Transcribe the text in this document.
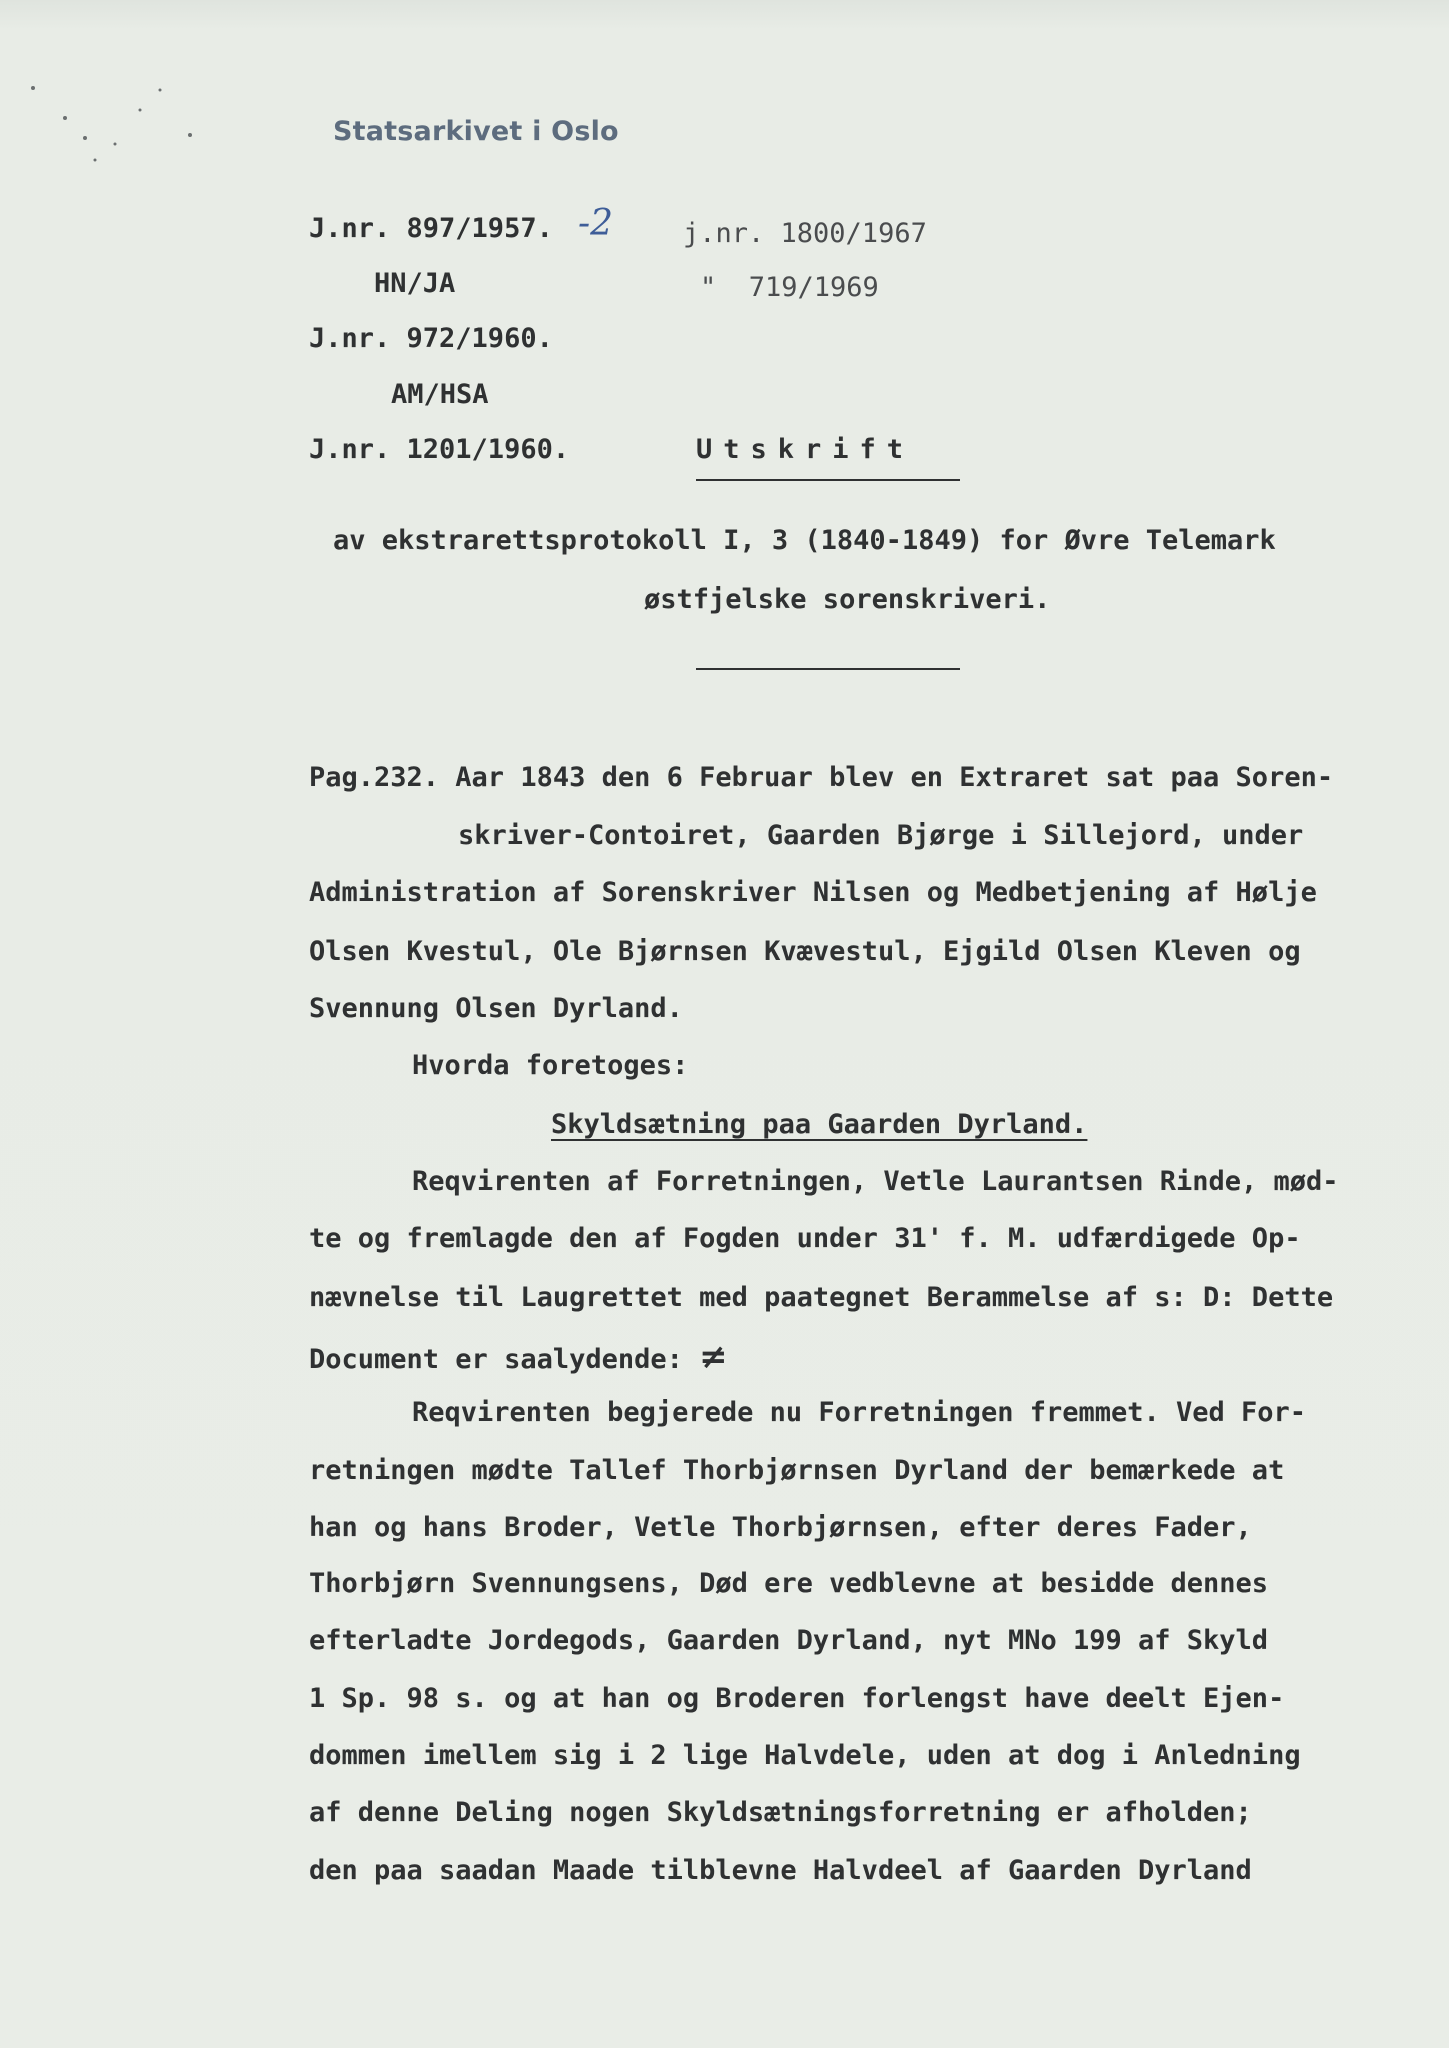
Statsarkivet i Oslo
J.nr. 897/1957. -2
HN/JA
J.nr. 972/1960.
AM/HSA
J.nr. 1201/1960.
j.nr. 1800/1967
"  719/1969
Utskrift
av ekstrarettsprotokoll I, 3 (1840-1849) for Øvre Telemark
østfjelske sorenskriveri.
Pag.232. Aar 1843 den 6 Februar blev en Extraret sat paa Soren-
skriver-Contoiret, Gaarden Bjørge i Sillejord, under
Administration af Sorenskriver Nilsen og Medbetjening af Hølje
Olsen Kvestul, Ole Bjørnsen Kvævestul, Ejgild Olsen Kleven og
Svennung Olsen Dyrland.
Hvorda foretoges:
Skyldsætning paa Gaarden Dyrland.
Reqvirenten af Forretningen, Vetle Laurantsen Rinde, mød-
te og fremlagde den af Fogden under 31' f. M. udfærdigede Op-
nævnelse til Laugrettet med paategnet Berammelse af s: D: Dette
Document er saalydende: ≠
Reqvirenten begjerede nu Forretningen fremmet. Ved For-
retningen mødte Tallef Thorbjørnsen Dyrland der bemærkede at
han og hans Broder, Vetle Thorbjørnsen, efter deres Fader,
Thorbjørn Svennungsens, Død ere vedblevne at besidde dennes
efterladte Jordegods, Gaarden Dyrland, nyt MNo 199 af Skyld
1 Sp. 98 s. og at han og Broderen forlengst have deelt Ejen-
dommen imellem sig i 2 lige Halvdele, uden at dog i Anledning
af denne Deling nogen Skyldsætningsforretning er afholden;
den paa saadan Maade tilblevne Halvdeel af Gaarden Dyrland
